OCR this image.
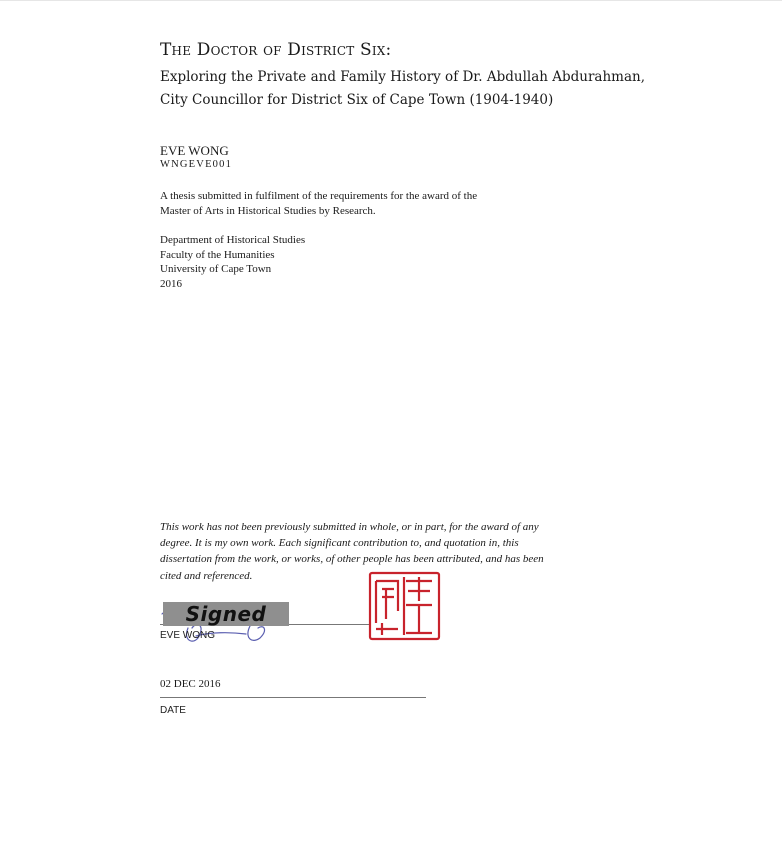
The Doctor of District Six:
Exploring the Private and Family History of Dr. Abdullah Abdurahman,
City Councillor for District Six of Cape Town (1904-1940)
EVE WONG
WNGEVE001
A thesis submitted in fulfilment of the requirements for the award of the
Master of Arts in Historical Studies by Research.
Department of Historical Studies
Faculty of the Humanities
University of Cape Town
2016
This work has not been previously submitted in whole, or in part, for the award of any
degree. It is my own work. Each significant contribution to, and quotation in, this
dissertation from the work, or works, of other people has been attributed, and has been
cited and referenced.
Signed
EVE WONG
02 DEC 2016
DATE
